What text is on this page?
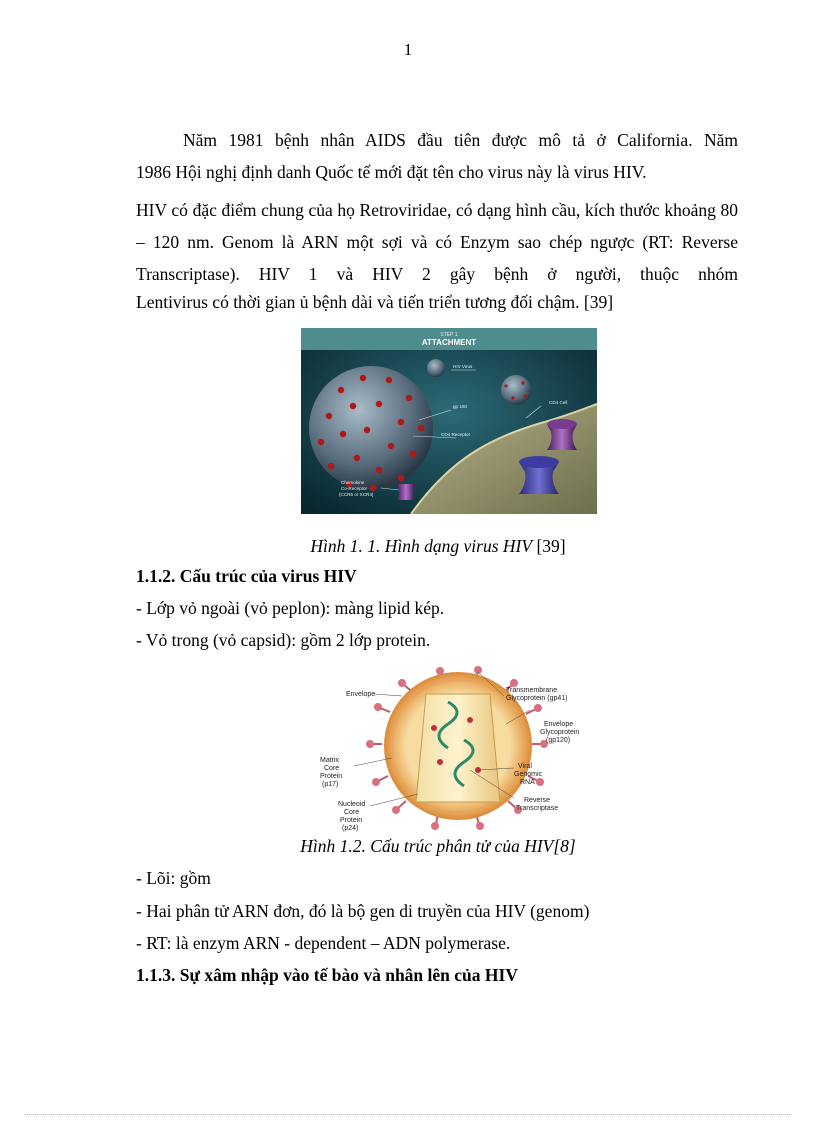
1
Năm 1981 bệnh nhân AIDS đầu tiên được mô tả ở California. Năm
1986 Hội nghị định danh Quốc tế mới đặt tên cho virus này là virus HIV.
HIV có đặc điểm chung của họ Retroviridae, có dạng hình cầu, kích thước khoảng 80 – 120 nm. Genom là ARN một sợi và có Enzym sao chép ngược (RT: Reverse Transcriptase). HIV 1 và HIV 2 gây bệnh ở người, thuộc nhóm
Lentivirus có thời gian ủ bệnh dài và tiến triển tương đối chậm. [39]
STEP 1
ATTACHMENT
HIV Virus
gp 160
CD4 Receptor
CD4 Cell
Chemokine
Co-Receptor
(CCR5 or XCR4)
Hình 1. 1. Hình dạng virus HIV [39]
1.1.2. Cấu trúc của virus HIV
- Lớp vỏ ngoài (vỏ peplon): màng lipid kép.
- Vỏ trong (vỏ capsid): gồm 2 lớp protein.
Envelope
Transmembrane
Glycoprotein (gp41)
Envelope
Glycoprotein
(gp120)
Matrix
Core
Protein
(p17)
Viral
Genomic
RNA
Nucleoid
Core
Protein
(p24)
Reverse
Transcriptase
Hình 1.2. Cấu trúc phân tử của HIV[8]
- Lõi: gồm
- Hai phân tử ARN đơn, đó là bộ gen di truyền của HIV (genom)
- RT: là enzym ARN - dependent – ADN polymerase.
1.1.3. Sự xâm nhập vào tế bào và nhân lên của HIV
